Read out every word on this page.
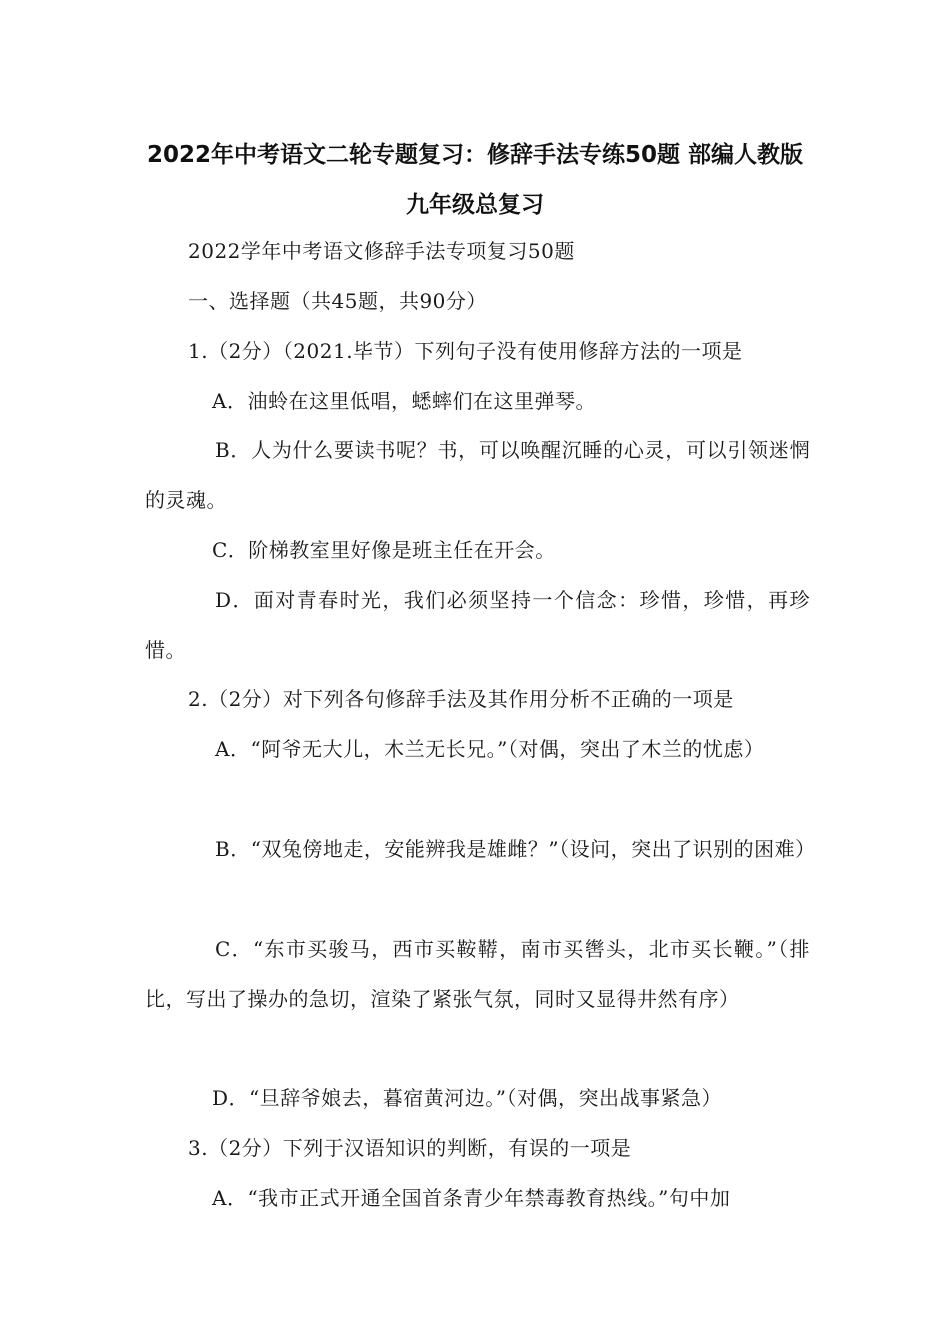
2022年中考语文二轮专题复习：修辞手法专练50题 部编人教版
九年级总复习
2022学年中考语文修辞手法专项复习50题
一、选择题（共45题，共90分）
1.（2分）（2021.毕节）下列句子没有使用修辞方法的一项是
A．油蛉在这里低唱，蟋蟀们在这里弹琴。
B．人为什么要读书呢？书，可以唤醒沉睡的心灵，可以引领迷惘的灵魂。
C．阶梯教室里好像是班主任在开会。
D．面对青春时光，我们必须坚持一个信念：珍惜，珍惜，再珍惜。
2.（2分）对下列各句修辞手法及其作用分析不正确的一项是
A．“阿爷无大儿，木兰无长兄。”（对偶，突出了木兰的忧虑）
B．“双兔傍地走，安能辨我是雄雌？”（设问，突出了识别的困难）
C．“东市买骏马，西市买鞍鞯，南市买辔头，北市买长鞭。”（排比，写出了操办的急切，渲染了紧张气氛，同时又显得井然有序）
D．“旦辞爷娘去，暮宿黄河边。”（对偶，突出战事紧急）
3.（2分）下列于汉语知识的判断，有误的一项是
A．“我市正式开通全国首条青少年禁毒教育热线。”句中加
